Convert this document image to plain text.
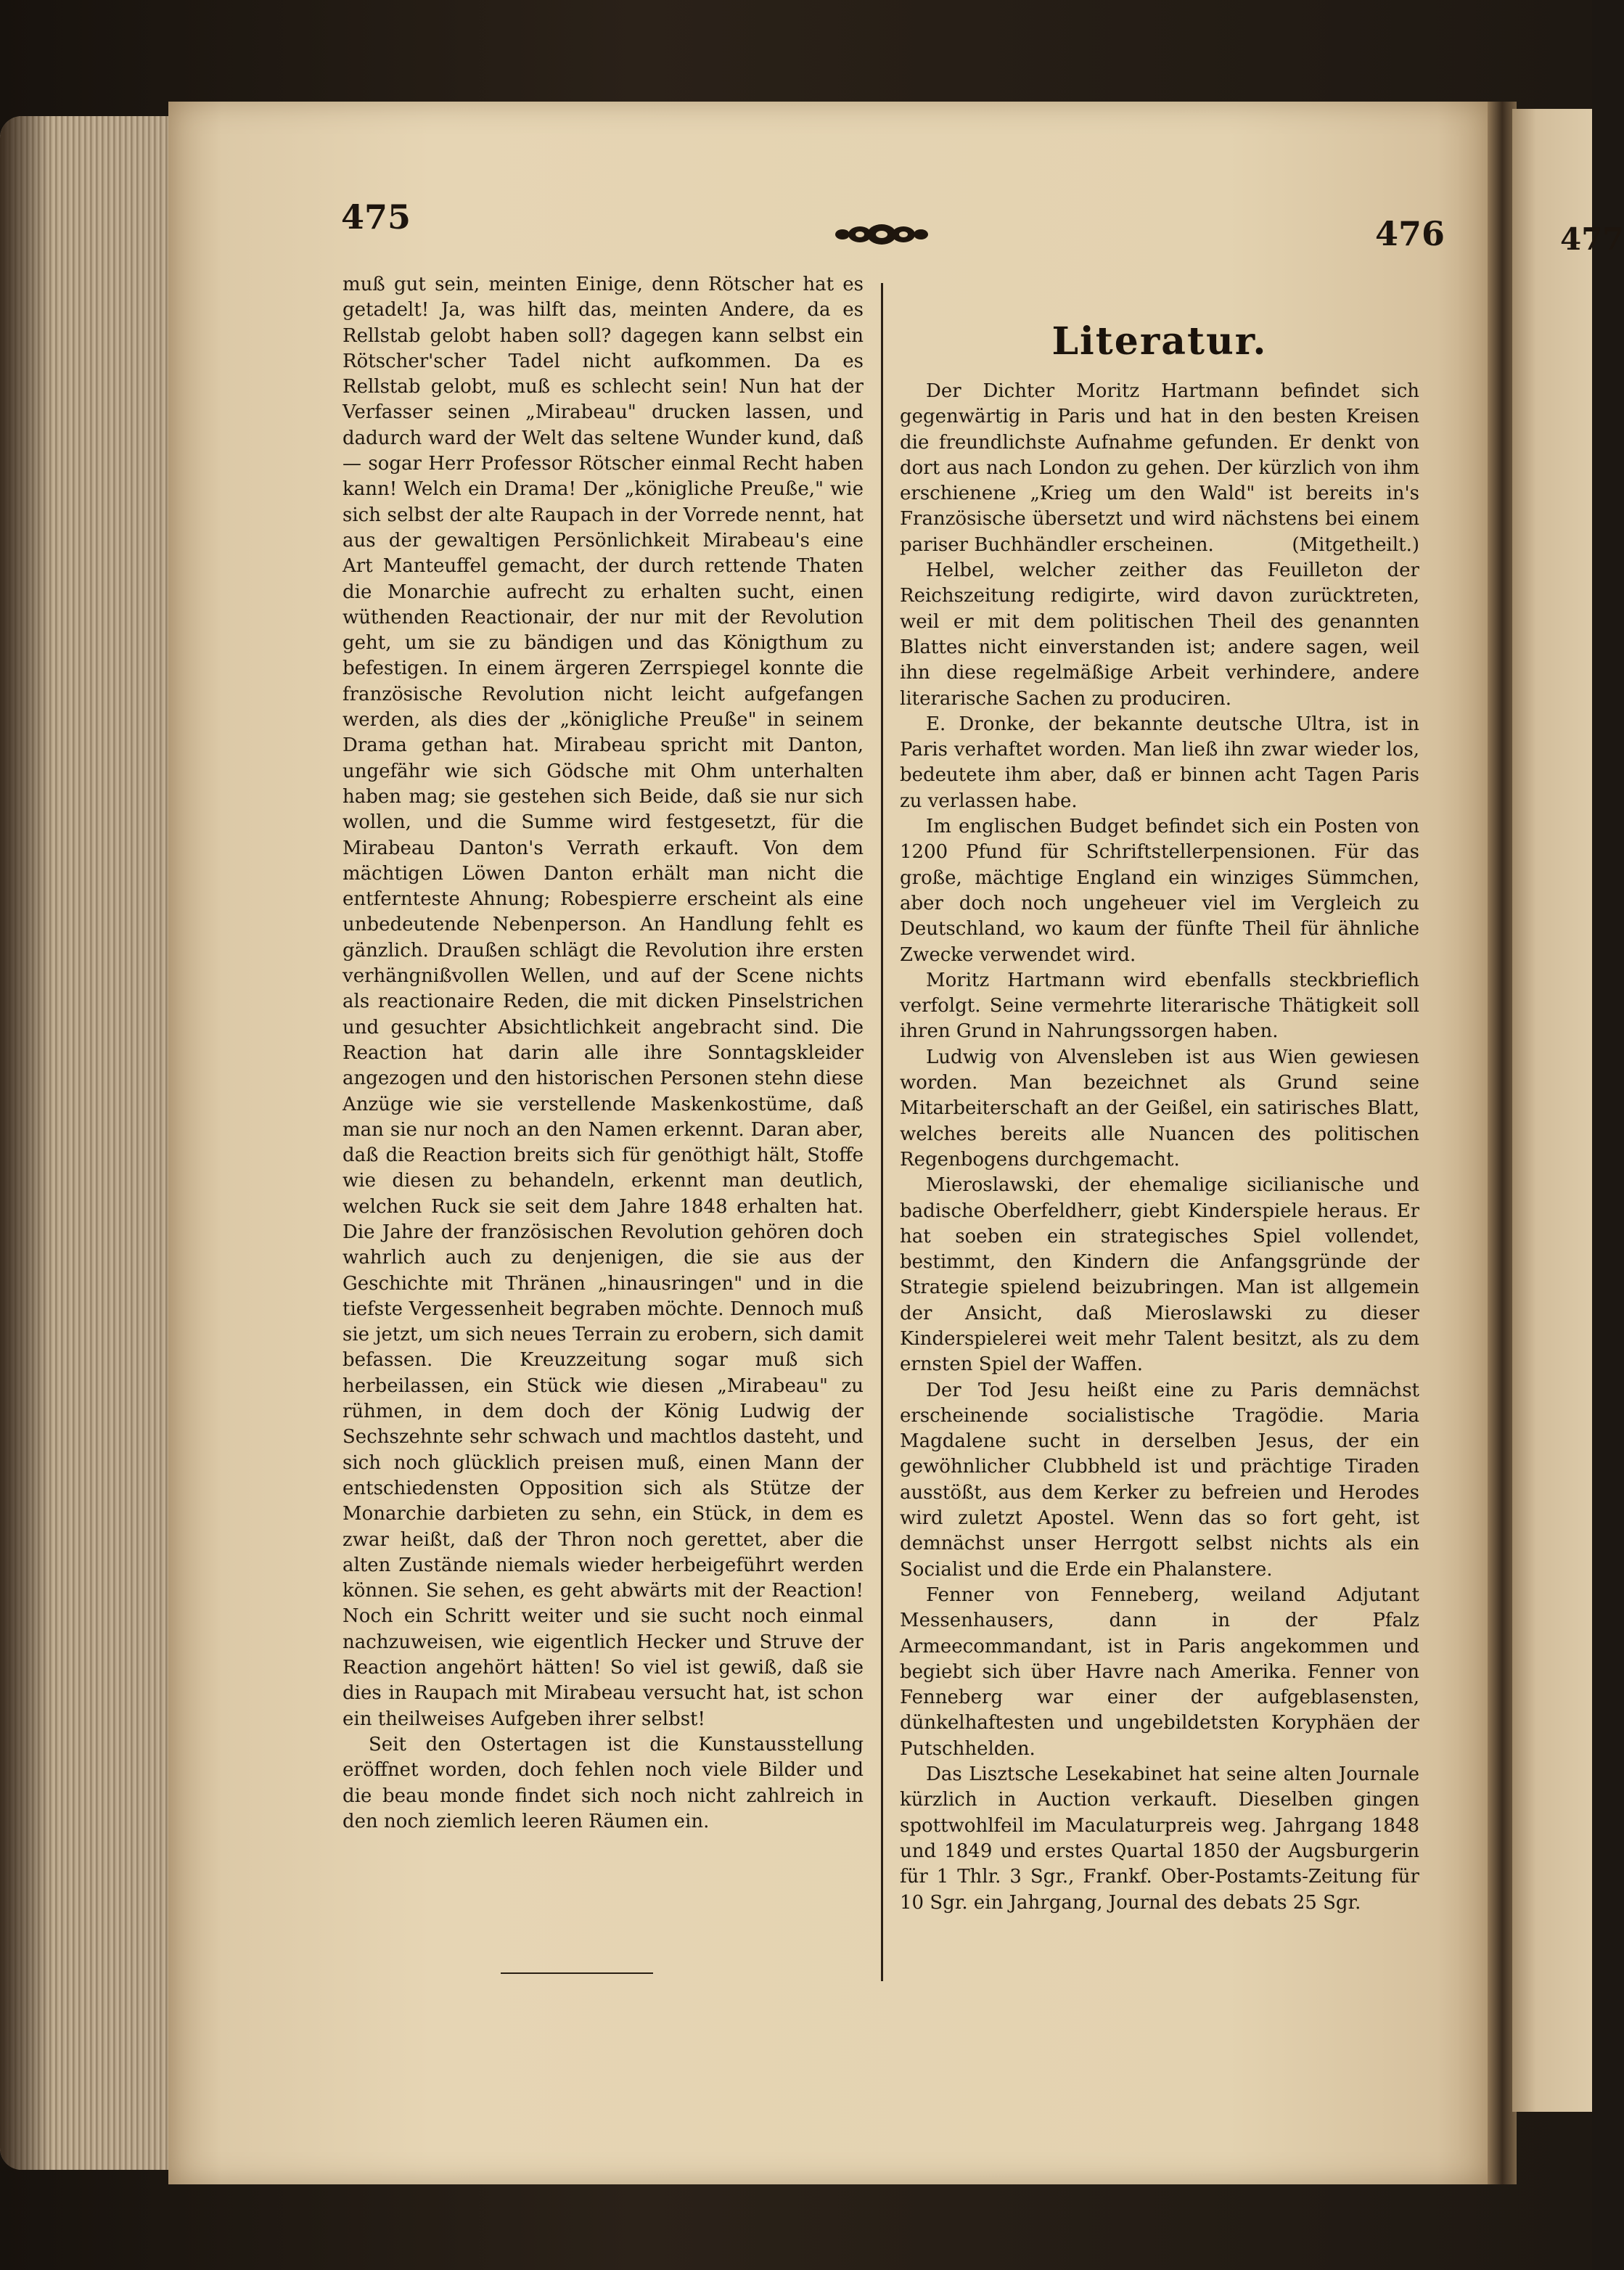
475	476	477

muß gut sein, meinten Einige, denn Rötscher hat es getadelt! Ja, was hilft das, meinten Andere, da es Rellstab gelobt haben soll? dagegen kann selbst ein Rötscher'scher Tadel nicht aufkommen. Da es Rellstab gelobt, muß es schlecht sein! Nun hat der Verfasser seinen „Mirabeau" drucken lassen, und dadurch ward der Welt das seltene Wunder kund, daß — sogar Herr Professor Rötscher einmal Recht haben kann! Welch ein Drama! Der „königliche Preuße," wie sich selbst der alte Raupach in der Vorrede nennt, hat aus der gewaltigen Persönlichkeit Mirabeau's eine Art Manteuffel gemacht, der durch rettende Thaten die Monarchie aufrecht zu erhalten sucht, einen wüthenden Reactionair, der nur mit der Revolution geht, um sie zu bändigen und das Königthum zu befestigen. In einem ärgeren Zerrspiegel konnte die französische Revolution nicht leicht aufgefangen werden, als dies der „königliche Preuße" in seinem Drama gethan hat. Mirabeau spricht mit Danton, ungefähr wie sich Gödsche mit Ohm unterhalten haben mag; sie gestehen sich Beide, daß sie nur sich wollen, und die Summe wird festgesetzt, für die Mirabeau Danton's Verrath erkauft. Von dem mächtigen Löwen Danton erhält man nicht die entfernteste Ahnung; Robespierre erscheint als eine unbedeutende Nebenperson. An Handlung fehlt es gänzlich. Draußen schlägt die Revolution ihre ersten verhängnißvollen Wellen, und auf der Scene nichts als reactionaire Reden, die mit dicken Pinselstrichen und gesuchter Absichtlichkeit angebracht sind. Die Reaction hat darin alle ihre Sonntagskleider angezogen und den historischen Personen stehn diese Anzüge wie sie verstellende Maskenkostüme, daß man sie nur noch an den Namen erkennt. Daran aber, daß die Reaction breits sich für genöthigt hält, Stoffe wie diesen zu behandeln, erkennt man deutlich, welchen Ruck sie seit dem Jahre 1848 erhalten hat. Die Jahre der französischen Revolution gehören doch wahrlich auch zu denjenigen, die sie aus der Geschichte mit Thränen „hinausringen" und in die tiefste Vergessenheit begraben möchte. Dennoch muß sie jetzt, um sich neues Terrain zu erobern, sich damit befassen. Die Kreuzzeitung sogar muß sich herbeilassen, ein Stück wie diesen „Mirabeau" zu rühmen, in dem doch der König Ludwig der Sechszehnte sehr schwach und machtlos dasteht, und sich noch glücklich preisen muß, einen Mann der entschiedensten Opposition sich als Stütze der Monarchie darbieten zu sehn, ein Stück, in dem es zwar heißt, daß der Thron noch gerettet, aber die alten Zustände niemals wieder herbeigeführt werden können. Sie sehen, es geht abwärts mit der Reaction! Noch ein Schritt weiter und sie sucht noch einmal nachzuweisen, wie eigentlich Hecker und Struve der Reaction angehört hätten! So viel ist gewiß, daß sie dies in Raupach mit Mirabeau versucht hat, ist schon ein theilweises Aufgeben ihrer selbst!

Seit den Ostertagen ist die Kunstausstellung eröffnet worden, doch fehlen noch viele Bilder und die beau monde findet sich noch nicht zahlreich in den noch ziemlich leeren Räumen ein.

Literatur.

Der Dichter Moritz Hartmann befindet sich gegenwärtig in Paris und hat in den besten Kreisen die freundlichste Aufnahme gefunden. Er denkt von dort aus nach London zu gehen. Der kürzlich von ihm erschienene „Krieg um den Wald" ist bereits in's Französische übersetzt und wird nächstens bei einem pariser Buchhändler erscheinen.	(Mitgetheilt.)

Helbel, welcher zeither das Feuilleton der Reichszeitung redigirte, wird davon zurücktreten, weil er mit dem politischen Theil des genannten Blattes nicht einverstanden ist; andere sagen, weil ihn diese regelmäßige Arbeit verhindere, andere literarische Sachen zu produciren.

E. Dronke, der bekannte deutsche Ultra, ist in Paris verhaftet worden. Man ließ ihn zwar wieder los, bedeutete ihm aber, daß er binnen acht Tagen Paris zu verlassen habe.

Im englischen Budget befindet sich ein Posten von 1200 Pfund für Schriftstellerpensionen. Für das große, mächtige England ein winziges Sümmchen, aber doch noch ungeheuer viel im Vergleich zu Deutschland, wo kaum der fünfte Theil für ähnliche Zwecke verwendet wird.

Moritz Hartmann wird ebenfalls steckbrieflich verfolgt. Seine vermehrte literarische Thätigkeit soll ihren Grund in Nahrungssorgen haben.

Ludwig von Alvensleben ist aus Wien gewiesen worden. Man bezeichnet als Grund seine Mitarbeiterschaft an der Geißel, ein satirisches Blatt, welches bereits alle Nuancen des politischen Regenbogens durchgemacht.

Mieroslawski, der ehemalige sicilianische und badische Oberfeldherr, giebt Kinderspiele heraus. Er hat soeben ein strategisches Spiel vollendet, bestimmt, den Kindern die Anfangsgründe der Strategie spielend beizubringen. Man ist allgemein der Ansicht, daß Mieroslawski zu dieser Kinderspielerei weit mehr Talent besitzt, als zu dem ernsten Spiel der Waffen.

Der Tod Jesu heißt eine zu Paris demnächst erscheinende socialistische Tragödie. Maria Magdalene sucht in derselben Jesus, der ein gewöhnlicher Clubbheld ist und prächtige Tiraden ausstößt, aus dem Kerker zu befreien und Herodes wird zuletzt Apostel. Wenn das so fort geht, ist demnächst unser Herrgott selbst nichts als ein Socialist und die Erde ein Phalanstere.

Fenner von Fenneberg, weiland Adjutant Messenhausers, dann in der Pfalz Armeecommandant, ist in Paris angekommen und begiebt sich über Havre nach Amerika. Fenner von Fenneberg war einer der aufgeblasensten, dünkelhaftesten und ungebildetsten Koryphäen der Putschhelden.

Das Lisztsche Lesekabinet hat seine alten Journale kürzlich in Auction verkauft. Dieselben gingen spottwohlfeil im Maculaturpreis weg. Jahrgang 1848 und 1849 und erstes Quartal 1850 der Augsburgerin für 1 Thlr. 3 Sgr., Frankf. Ober-Postamts-Zeitung für 10 Sgr. ein Jahrgang, Journal des debats 25 Sgr.
